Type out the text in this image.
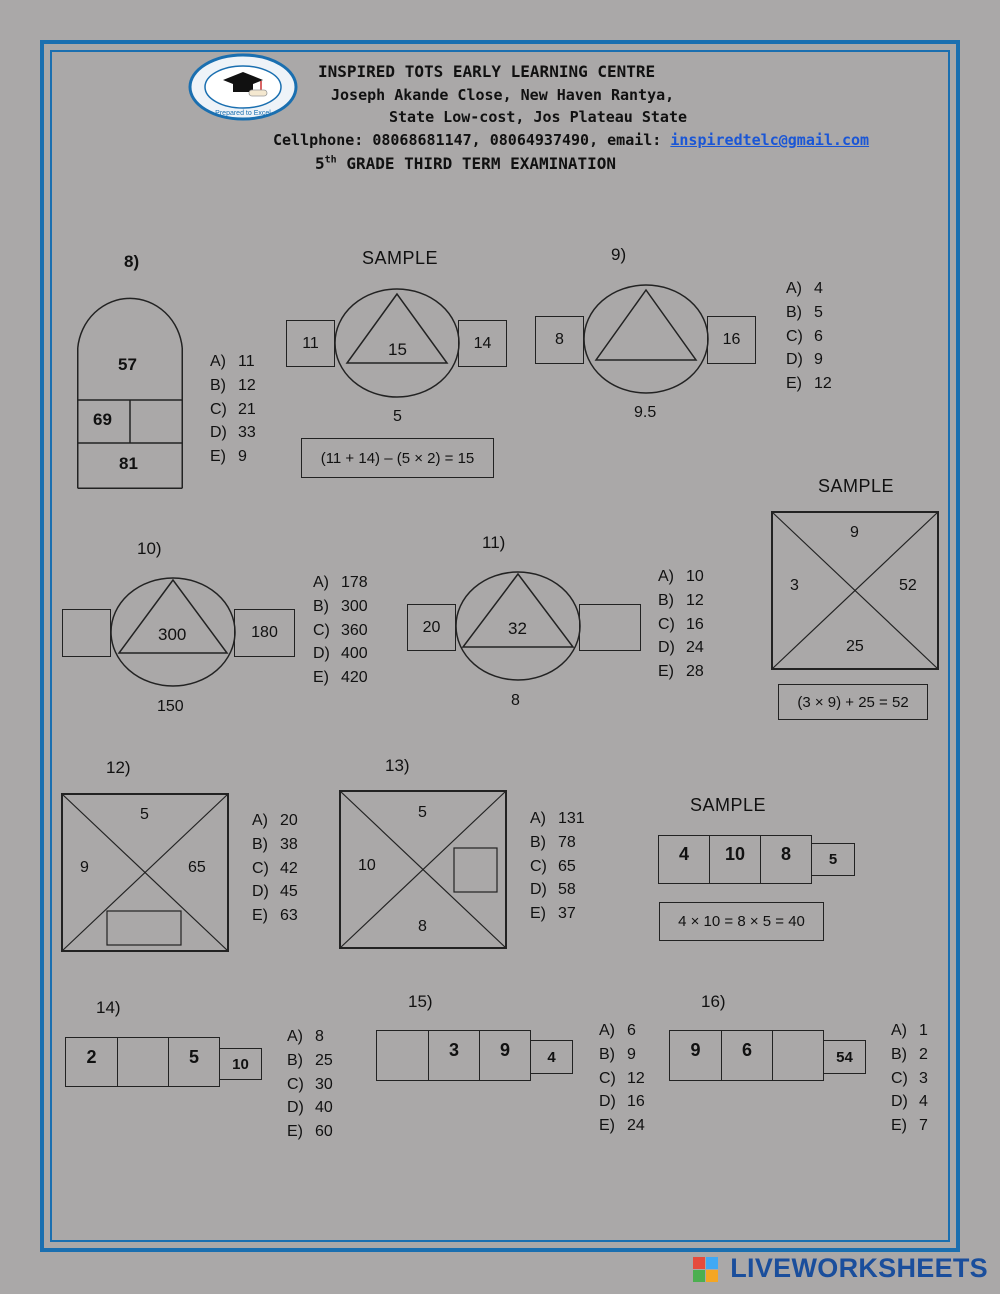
Prepared to Excel
INSPIRED TOTS EARLY LEARNING CENTRE
Joseph Akande Close, New Haven Rantya,
State Low-cost, Jos Plateau State
Cellphone: 08068681147, 08064937490, email: inspiredtelc@gmail.com
5th GRADE THIRD TERM EXAMINATION
8)
57
69
81
A) 11
B) 12
C) 21
D) 33
E) 9
SAMPLE
11	14
15
5
(11 + 14) – (5 × 2) = 15
9)
8	16
9.5
A) 4
B) 5
C) 6
D) 9
E) 12
10)
180
300
150
A) 178
B) 300
C) 360
D) 400
E) 420
11)
20	32
8
A) 10
B) 12
C) 16
D) 24
E) 28
SAMPLE
9
3	52
25
(3 × 9) + 25 = 52
12)
5
9	65
A) 20
B) 38
C) 42
D) 45
E) 63
13)
5
10
8
A) 131
B) 78
C) 65
D) 58
E) 37
SAMPLE
4	10	8	5
4 × 10 = 8 × 5 = 40
14)
2	5	10
A) 8
B) 25
C) 30
D) 40
E) 60
15)
3	9	4
A) 6
B) 9
C) 12
D) 16
E) 24
16)
9	6	54
A) 1
B) 2
C) 3
D) 4
E) 7
LIVEWORKSHEETS
